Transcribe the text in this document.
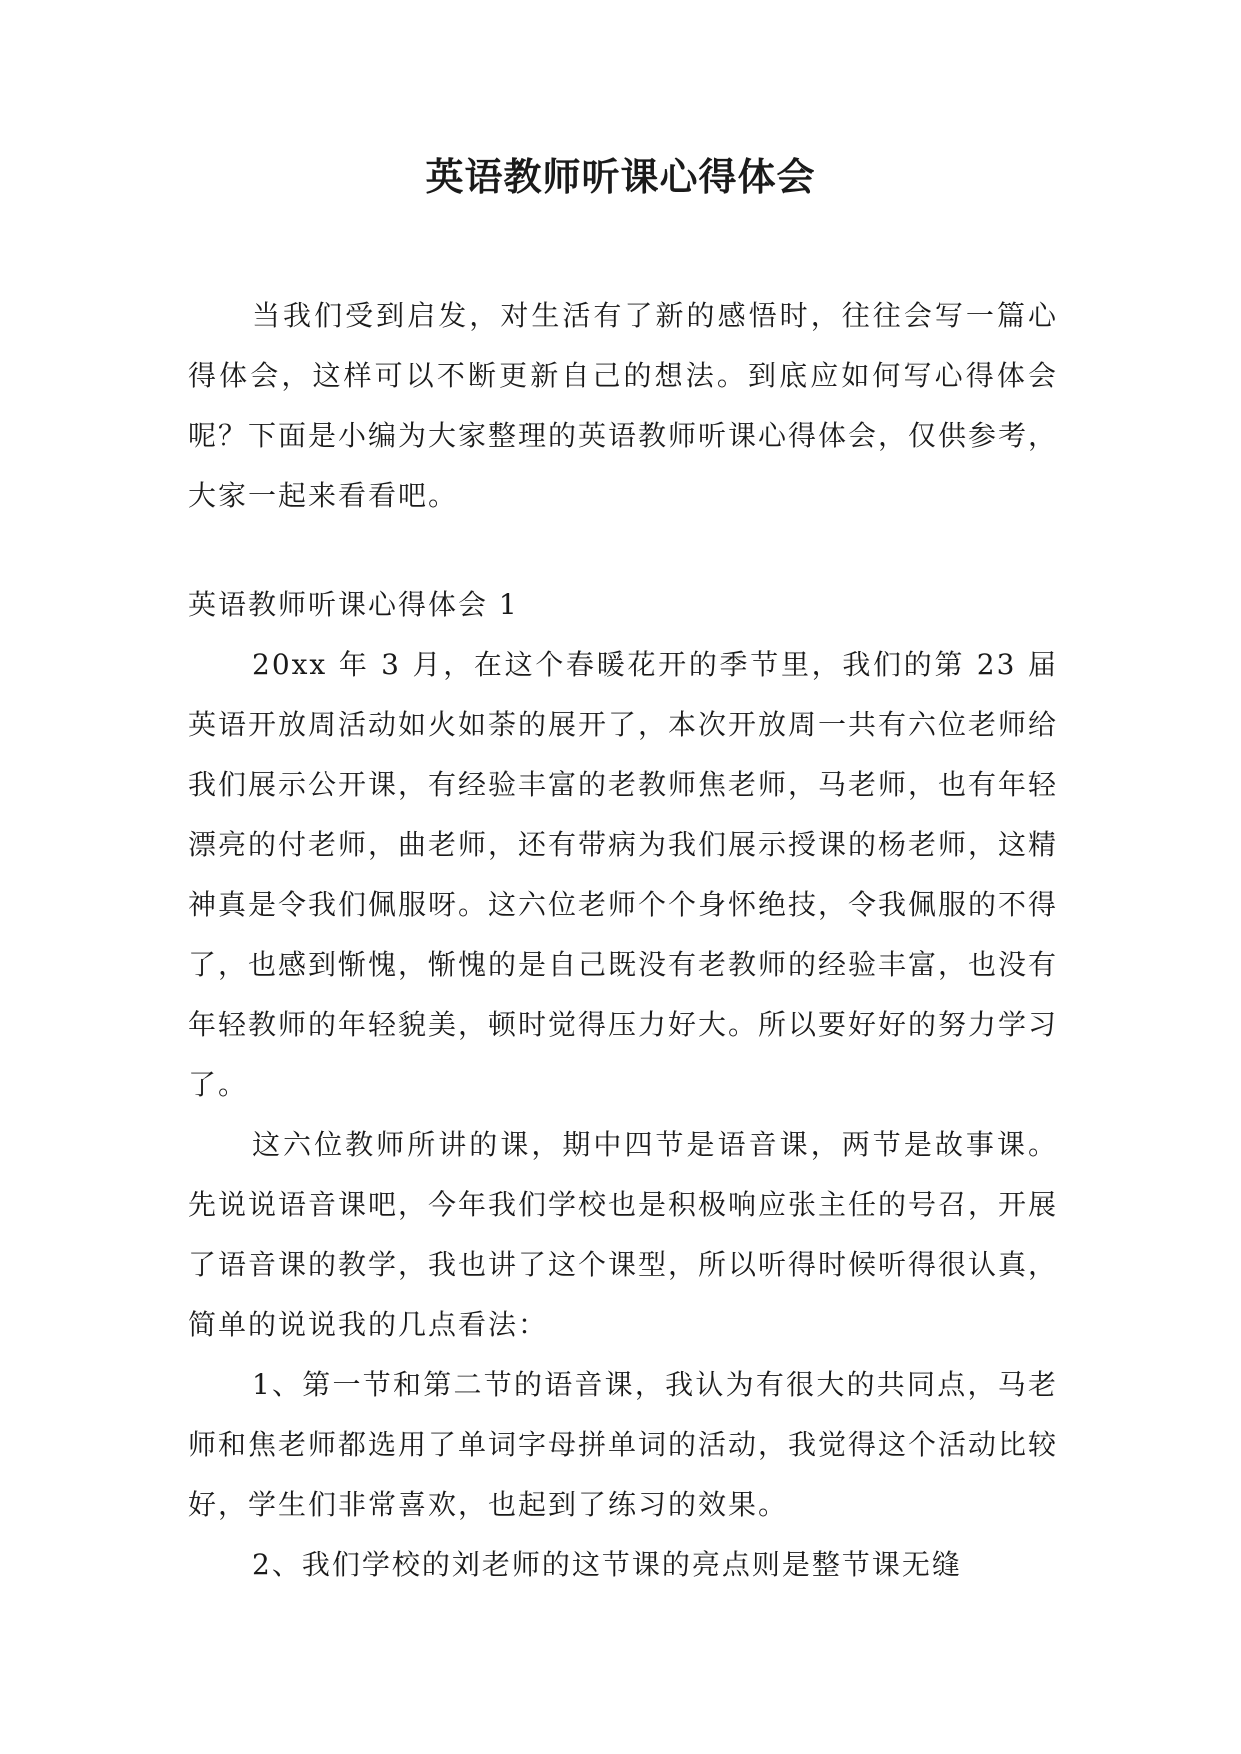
英语教师听课心得体会

当我们受到启发，对生活有了新的感悟时，往往会写一篇心得体会，这样可以不断更新自己的想法。到底应如何写心得体会呢？下面是小编为大家整理的英语教师听课心得体会，仅供参考，大家一起来看看吧。

英语教师听课心得体会 1

20xx 年 3 月，在这个春暖花开的季节里，我们的第 23 届英语开放周活动如火如荼的展开了，本次开放周一共有六位老师给我们展示公开课，有经验丰富的老教师焦老师，马老师，也有年轻漂亮的付老师，曲老师，还有带病为我们展示授课的杨老师，这精神真是令我们佩服呀。这六位老师个个身怀绝技，令我佩服的不得了，也感到惭愧，惭愧的是自己既没有老教师的经验丰富，也没有年轻教师的年轻貌美，顿时觉得压力好大。所以要好好的努力学习了。

这六位教师所讲的课，期中四节是语音课，两节是故事课。先说说语音课吧，今年我们学校也是积极响应张主任的号召，开展了语音课的教学，我也讲了这个课型，所以听得时候听得很认真，简单的说说我的几点看法：

1、第一节和第二节的语音课，我认为有很大的共同点，马老师和焦老师都选用了单词字母拼单词的活动，我觉得这个活动比较好，学生们非常喜欢，也起到了练习的效果。

2、我们学校的刘老师的这节课的亮点则是整节课无缝
